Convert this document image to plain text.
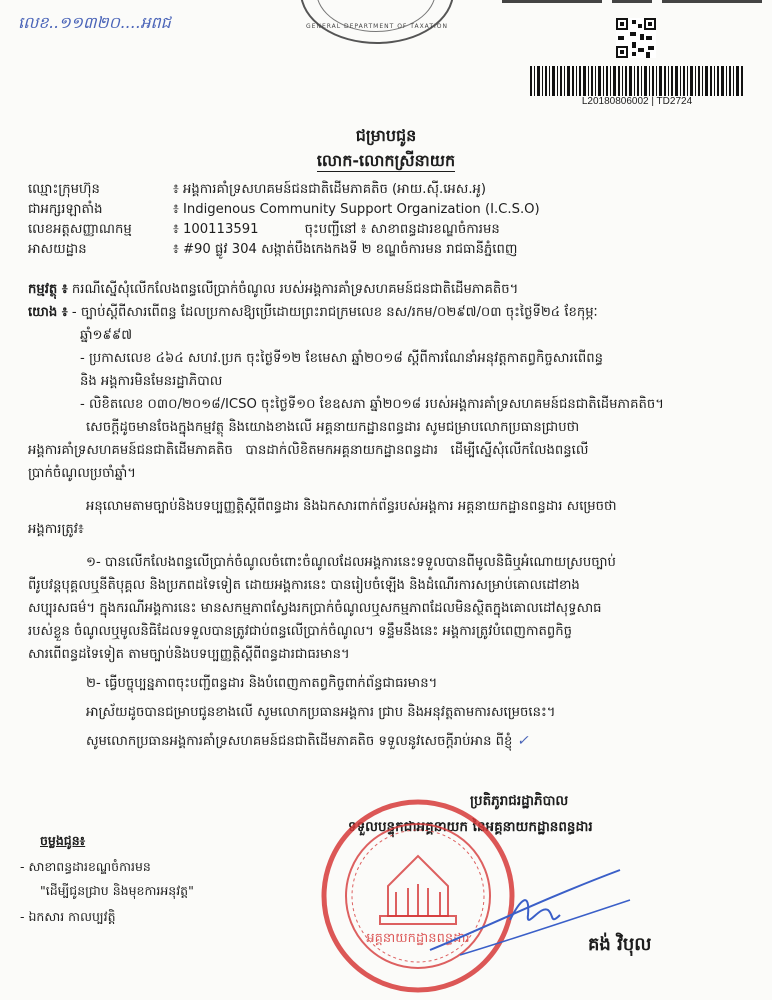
លេខ..១១៣២០....អពជ	GENERAL DEPARTMENT OF TAXATION
L20180806002 | TD2724
ជម្រាបជូន
លោក-លោកស្រីនាយក
ឈ្មោះក្រុមហ៊ុន	៖ អង្គការគាំទ្រសហគមន៍ជនជាតិដើមភាគតិច (អាយ.ស៊ី.អេស.អូ)
ជាអក្សរឡាតាំង	៖ Indigenous Community Support Organization (I.C.S.O)
លេខអត្តសញ្ញាណកម្ម	៖ 100113591           ចុះបញ្ជីនៅ ៖ សាខាពន្ធដារខណ្ឌចំការមន
អាសយដ្ឋាន	៖ #90 ផ្លូវ 304 សង្កាត់បឹងកេងកងទី ២ ខណ្ឌចំការមន រាជធានីភ្នំពេញ
កម្មវត្ថុ ៖ ករណីស្នើសុំលើកលែងពន្ធលើប្រាក់ចំណូល របស់អង្គការគាំទ្រសហគមន៍ជនជាតិដើមភាគតិច។
យោង ៖ - ច្បាប់ស្តីពីសារពើពន្ធ ដែលប្រកាសឱ្យប្រើដោយព្រះរាជក្រមលេខ នស/រកម/០២៩៧/០៣ ចុះថ្ងៃទី២៤ ខែកុម្ភៈ
ឆ្នាំ១៩៩៧
- ប្រកាសលេខ ៤៦៤ សហវ.ប្រក ចុះថ្ងៃទី១២ ខែមេសា ឆ្នាំ២០១៨ ស្តីពីការណែនាំអនុវត្តកាតព្វកិច្ចសារពើពន្ធ
និង អង្គការមិនមែនរដ្ឋាភិបាល
- លិខិតលេខ ០៣០/២០១៨/ICSO ចុះថ្ងៃទី១០ ខែឧសភា ឆ្នាំ២០១៨ របស់អង្គការគាំទ្រសហគមន៍ជនជាតិដើមភាគតិច។
សេចក្តីដូចមានចែងក្នុងកម្មវត្ថុ និងយោងខាងលើ អគ្គនាយកដ្ឋានពន្ធដារ សូមជម្រាបលោកប្រធានជ្រាបថា
អង្គការគាំទ្រសហគមន៍ជនជាតិដើមភាគតិច   បានដាក់លិខិតមកអគ្គនាយកដ្ឋានពន្ធដារ   ដើម្បីស្នើសុំលើកលែងពន្ធលើ
ប្រាក់ចំណូលប្រចាំឆ្នាំ។
អនុលោមតាមច្បាប់និងបទប្បញ្ញត្តិស្តីពីពន្ធដារ និងឯកសារពាក់ព័ន្ធរបស់អង្គការ អគ្គនាយកដ្ឋានពន្ធដារ សម្រេចថា
អង្គការត្រូវ៖
១- បានលើកលែងពន្ធលើប្រាក់ចំណូលចំពោះចំណូលដែលអង្គការនេះទទួលបានពីមូលនិធិឬអំណោយស្របច្បាប់
ពីរូបវន្តបុគ្គលឬនីតិបុគ្គល និងប្រភពដទៃទៀត ដោយអង្គការនេះ បានរៀបចំឡើង និងដំណើរការសម្រាប់គោលដៅខាង
សប្បុរសធម៌។ ក្នុងករណីអង្គការនេះ មានសកម្មភាពស្វែងរកប្រាក់ចំណូលឬសកម្មភាពដែលមិនស្ថិតក្នុងគោលដៅសុទ្ធសាធ
របស់ខ្លួន ចំណូលឬមូលនិធិដែលទទួលបានត្រូវជាប់ពន្ធលើប្រាក់ចំណូល។ ទន្ទឹមនឹងនេះ អង្គការត្រូវបំពេញកាតព្វកិច្ច
សារពើពន្ធដទៃទៀត តាមច្បាប់និងបទប្បញ្ញត្តិស្តីពីពន្ធដារជាធរមាន។
២- ធ្វើបច្ចុប្បន្នភាពចុះបញ្ជីពន្ធដារ និងបំពេញកាតព្វកិច្ចពាក់ព័ន្ធជាធរមាន។
អាស្រ័យដូចបានជម្រាបជូនខាងលើ សូមលោកប្រធានអង្គការ ជ្រាប និងអនុវត្តតាមការសម្រេចនេះ។
សូមលោកប្រធានអង្គការគាំទ្រសហគមន៍ជនជាតិដើមភាគតិច ទទួលនូវសេចក្តីរាប់អាន ពីខ្ញុំ ✓
ប្រតិភូរាជរដ្ឋាភិបាល
ទទួលបន្ទុកជាអគ្គនាយក នៃអគ្គនាយកដ្ឋានពន្ធដារ
អគ្គនាយកដ្ឋានពន្ធដារ	គង់ វិបុល
ចម្លងជូន៖
- សាខាពន្ធដារខណ្ឌចំការមន
"ដើម្បីជូនជ្រាប និងមុខការអនុវត្ត"
- ឯកសារ កាលប្បវត្តិ
